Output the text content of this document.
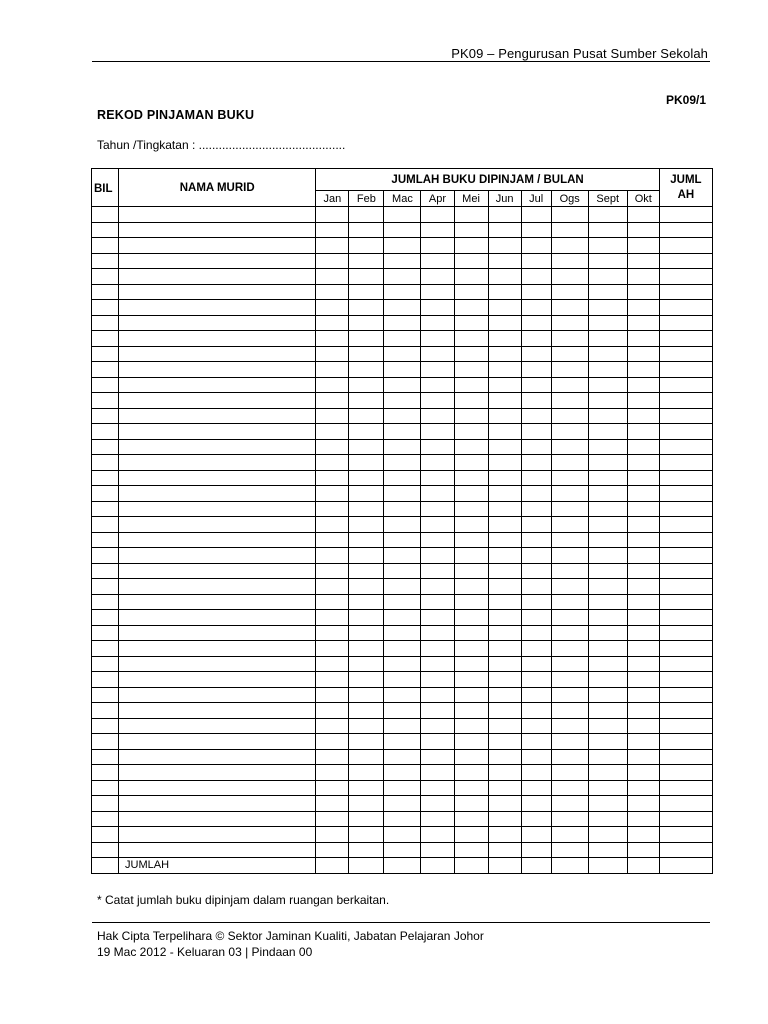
PK09 – Pengurusan Pusat Sumber Sekolah
PK09/1
REKOD PINJAMAN BUKU
Tahun /Tingkatan : ............................................
BIL	NAMA MURID	JUMLAH BUKU DIPINJAM / BULAN										JUML
AH
		Jan	Feb	Mac	Apr	Mei	Jun	Jul	Ogs	Sept	Okt	

	JUMLAH											
* Catat jumlah buku dipinjam dalam ruangan berkaitan.
Hak Cipta Terpelihara © Sektor Jaminan Kualiti, Jabatan Pelajaran Johor
19 Mac 2012 - Keluaran 03 | Pindaan 00
